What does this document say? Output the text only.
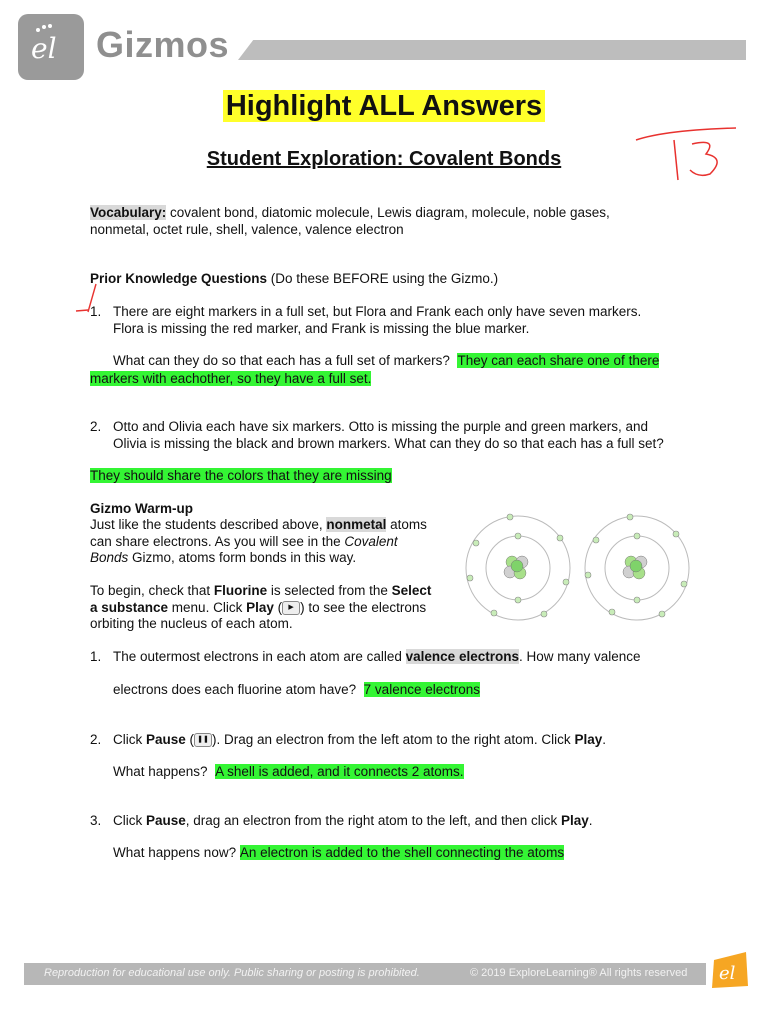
el Gizmos
Highlight ALL Answers
Student Exploration: Covalent Bonds
Vocabulary: covalent bond, diatomic molecule, Lewis diagram, molecule, noble gases,
nonmetal, octet rule, shell, valence, valence electron
Prior Knowledge Questions (Do these BEFORE using the Gizmo.)
1. There are eight markers in a full set, but Flora and Frank each only have seven markers.
Flora is missing the red marker, and Frank is missing the blue marker.
What can they do so that each has a full set of markers? They can each share one of there
markers with eachother, so they have a full set.
2. Otto and Olivia each have six markers. Otto is missing the purple and green markers, and
Olivia is missing the black and brown markers. What can they do so that each has a full set?
They should share the colors that they are missing
Gizmo Warm-up
Just like the students described above, nonmetal atoms
can share electrons. As you will see in the Covalent
Bonds Gizmo, atoms form bonds in this way.
To begin, check that Fluorine is selected from the Select
a substance menu. Click Play ( ▶ ) to see the electrons
orbiting the nucleus of each atom.
1. The outermost electrons in each atom are called valence electrons. How many valence
electrons does each fluorine atom have? 7 valence electrons
2. Click Pause ( ❚❚ ). Drag an electron from the left atom to the right atom. Click Play.
What happens? A shell is added, and it connects 2 atoms.
3. Click Pause, drag an electron from the right atom to the left, and then click Play.
What happens now? An electron is added to the shell connecting the atoms
Reproduction for educational use only. Public sharing or posting is prohibited.	© 2019 ExploreLearning® All rights reserved el
